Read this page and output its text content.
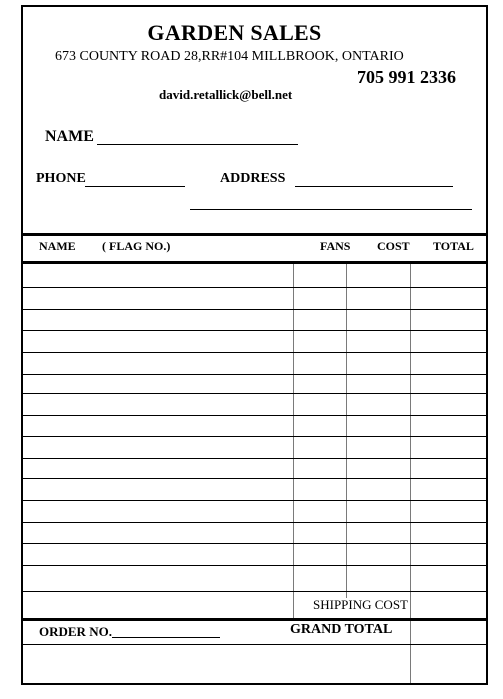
GARDEN SALES
673 COUNTY ROAD 28,RR#104 MILLBROOK, ONTARIO
705 991 2336
david.retallick@bell.net
NAME
PHONE	ADDRESS
NAME ( FLAG NO.)	FANS COST TOTAL
SHIPPING COST
ORDER NO.	GRAND TOTAL
